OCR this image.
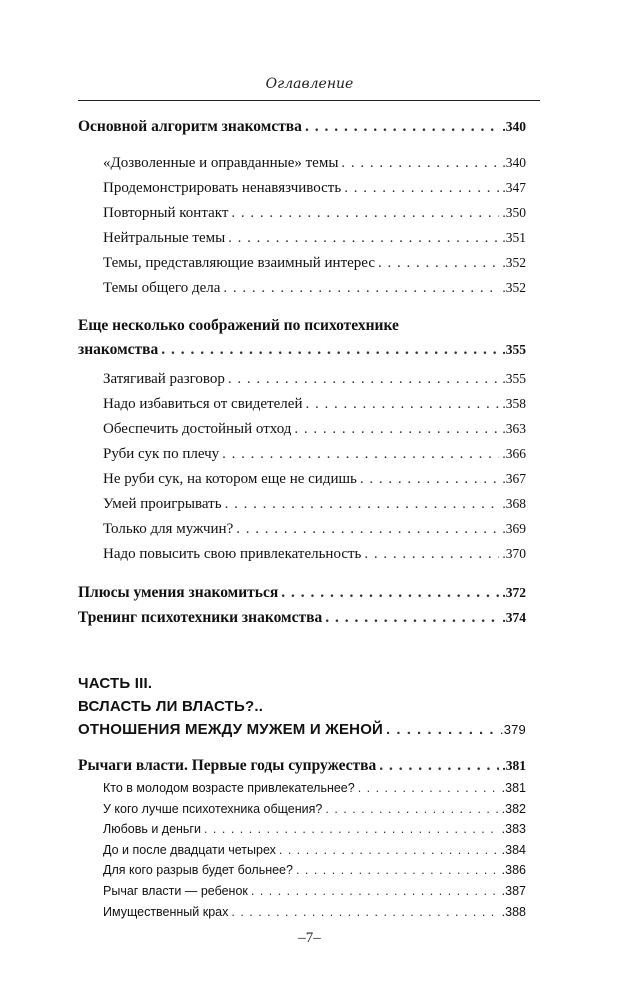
Оглавление
Основной алгоритм знакомства . . .	.340
«Дозволенные и оправданные» темы . . .	.340
Продемонстрировать ненавязчивость . . .	.347
Повторный контакт . . .	.350
Нейтральные темы . . .	.351
Темы, представляющие взаимный интерес . . .	.352
Темы общего дела . . .	.352
Еще несколько соображений по психотехнике
знакомства . . .	.355
Затягивай разговор . . .	.355
Надо избавиться от свидетелей . . .	.358
Обеспечить достойный отход . . .	.363
Руби сук по плечу . . .	.366
Не руби сук, на котором еще не сидишь . . .	.367
Умей проигрывать . . .	.368
Только для мужчин? . . .	.369
Надо повысить свою привлекательность . . .	.370
Плюсы умения знакомиться . . .	.372
Тренинг психотехники знакомства . . .	.374
ЧАСТЬ III.
ВСЛАСТЬ ЛИ ВЛАСТЬ?..
ОТНОШЕНИЯ МЕЖДУ МУЖЕМ И ЖЕНОЙ . . .	.379
Рычаги власти. Первые годы супружества . . .	.381
Кто в молодом возрасте привлекательнее? . . .	.381
У кого лучше психотехника общения? . . .	.382
Любовь и деньги . . .	.383
До и после двадцати четырех . . .	.384
Для кого разрыв будет больнее? . . .	.386
Рычаг власти — ребенок . . .	.387
Имущественный крах . . .	.388
–7–
